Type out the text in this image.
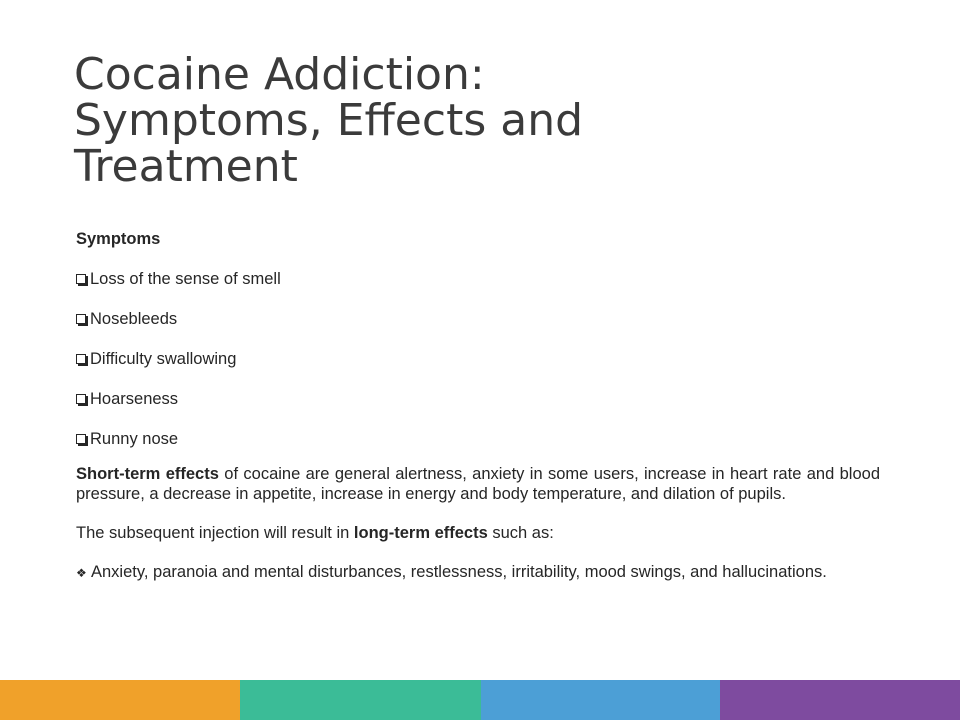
Cocaine Addiction:
Symptoms, Effects and
Treatment

Symptoms

Loss of the sense of smell
Nosebleeds
Difficulty swallowing
Hoarseness
Runny nose

Short-term effects of cocaine are general alertness, anxiety in some users, increase in heart rate and blood pressure, a decrease in appetite, increase in energy and body temperature, and dilation of pupils.

The subsequent injection will result in long-term effects such as:

❖ Anxiety, paranoia and mental disturbances, restlessness, irritability, mood swings, and hallucinations.
